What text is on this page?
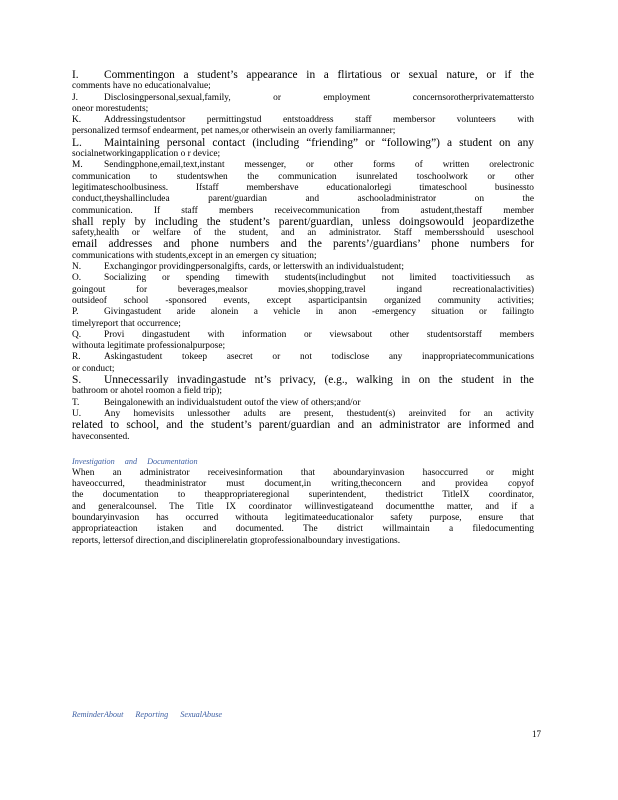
I. Commentingon a student’s appearance in a flirtatious or sexual nature, or if the
comments have no educationalvalue;
J.	Disclosingpersonal,sexual,family, or employment concernsorotherprivatemattersto
oneor morestudents;
K. Addressingstudentsor permittingstud entstoaddress staff membersor volunteers with
personalized termsof endearment, pet names,or otherwisein an overly familiarmanner;
L. Maintaining personal contact (including “friending” or “following”) a student on any
socialnetworkingapplication o r device;
M. Sendingphone,email,text,instant messenger, or other forms of written orelectronic
communication to studentswhen the communication isunrelated toschoolwork or other
legitimateschoolbusiness. Ifstaff membershave educationalorlegi timateschool businessto
conduct,theyshallincludea parent/guardian and aschooladministrator on the
communication. If staff members receivecommunication from astudent,thestaff member
shall reply by including the student’s parent/guardian, unless doingsowould jeopardizethe
safety,health or welfare of the student, and an administrator. Staff membersshould useschool
email addresses and phone numbers and the parents’/guardians’ phone numbers for
communications with students,except in an emergen cy situation;
N. Exchangingor providingpersonalgifts, cards, or letterswith an individualstudent;
O. Socializing or spending timewith students(includingbut not limited toactivitiessuch as
goingout for beverages,mealsor movies,shopping,travel ingand recreationalactivities)
outsideof school -sponsored events, except asparticipantsin organized community activities;
P.	Givingastudent aride alonein a vehicle in anon -emergency situation or failingto
timelyreport that occurrence;
Q. Provi dingastudent with information or viewsabout other studentsorstaff members
withouta legitimate professionalpurpose;
R. Askingastudent tokeep asecret or not todisclose any inappropriatecommunications
or conduct;
S. Unnecessarily invadingastude nt’s privacy, (e.g., walking in on the student in the
bathroom or ahotel roomon a field trip);
T.	Beingalonewith an individualstudent outof the view of others;and/or
U. Any homevisits unlessother adults are present, thestudent(s) areinvited for an activity
related to school, and the student’s parent/guardian and an administrator are informed and
haveconsented.
Investigation and Documentation
When an administrator receivesinformation that aboundaryinvasion hasoccurred or might
haveoccurred, theadministrator must document,in writing,theconcern and providea copyof
the documentation to theappropriateregional superintendent, thedistrict TitleIX coordinator,
and generalcounsel. The Title IX coordinator willinvestigateand documentthe matter, and if a
boundaryinvasion has occurred withouta legitimateeducationalor safety purpose, ensure that
appropriateaction istaken and documented. The district willmaintain a filedocumenting
reports, lettersof direction,and disciplinerelatin gtoprofessionalboundary investigations.
ReminderAbout Reporting SexualAbuse
17
